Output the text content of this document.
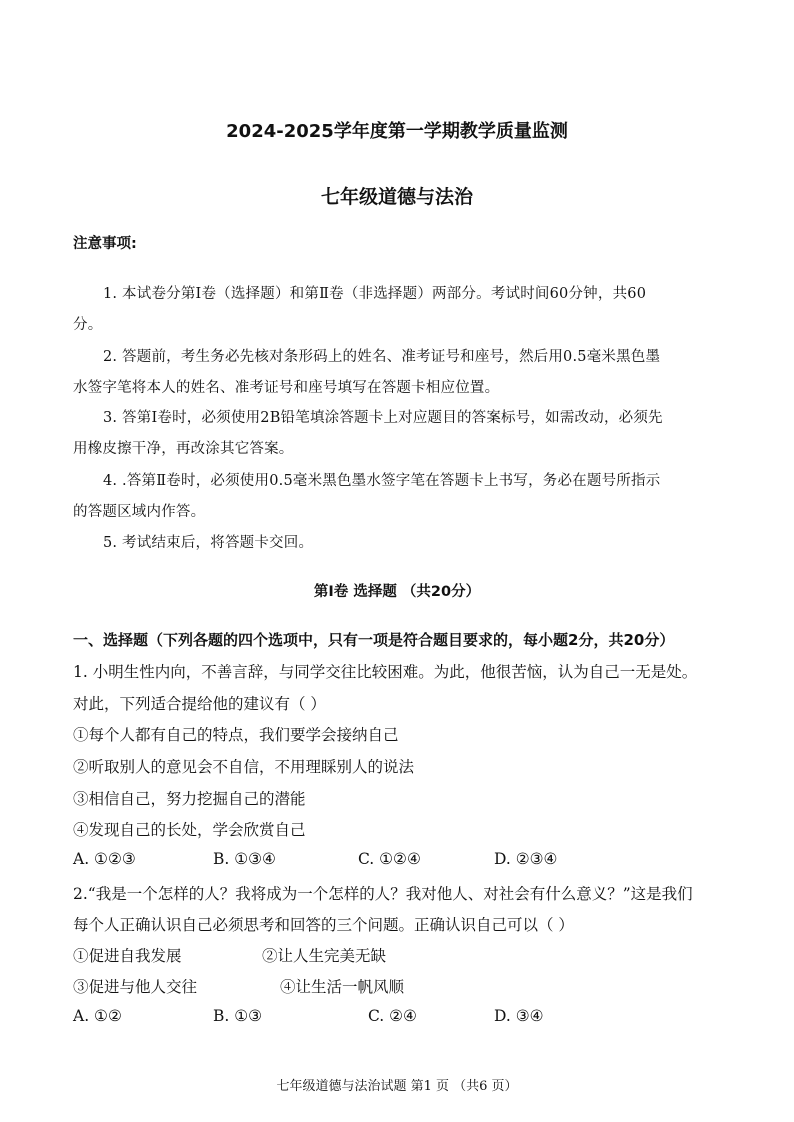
2024-2025学年度第一学期教学质量监测
七年级道德与法治
注意事项:
1. 本试卷分第Ⅰ卷（选择题）和第Ⅱ卷（非选择题）两部分。考试时间60分钟，共60
分。
2. 答题前，考生务必先核对条形码上的姓名、准考证号和座号，然后用0.5毫米黑色墨
水签字笔将本人的姓名、准考证号和座号填写在答题卡相应位置。
3. 答第Ⅰ卷时，必须使用2B铅笔填涂答题卡上对应题目的答案标号，如需改动，必须先
用橡皮擦干净，再改涂其它答案。
4. .答第Ⅱ卷时，必须使用0.5毫米黑色墨水签字笔在答题卡上书写，务必在题号所指示
的答题区域内作答。
5. 考试结束后，将答题卡交回。
第Ⅰ卷 选择题 （共20分）
一、选择题（下列各题的四个选项中，只有一项是符合题目要求的，每小题2分，共20分）
1. 小明生性内向，不善言辞，与同学交往比较困难。为此，他很苦恼，认为自己一无是处。
对此，下列适合提给他的建议有（ ）
①每个人都有自己的特点，我们要学会接纳自己
②听取别人的意见会不自信，不用理睬别人的说法
③相信自己，努力挖掘自己的潜能
④发现自己的长处，学会欣赏自己
A. ①②③	B. ①③④	C. ①②④	D. ②③④
2.“我是一个怎样的人？我将成为一个怎样的人？我对他人、对社会有什么意义？”这是我们
每个人正确认识自己必须思考和回答的三个问题。正确认识自己可以（ ）
①促进自我发展	②让人生完美无缺
③促进与他人交往	④让生活一帆风顺
A. ①②	B. ①③	C. ②④	D. ③④
七年级道德与法治试题 第1 页 （共6 页）
